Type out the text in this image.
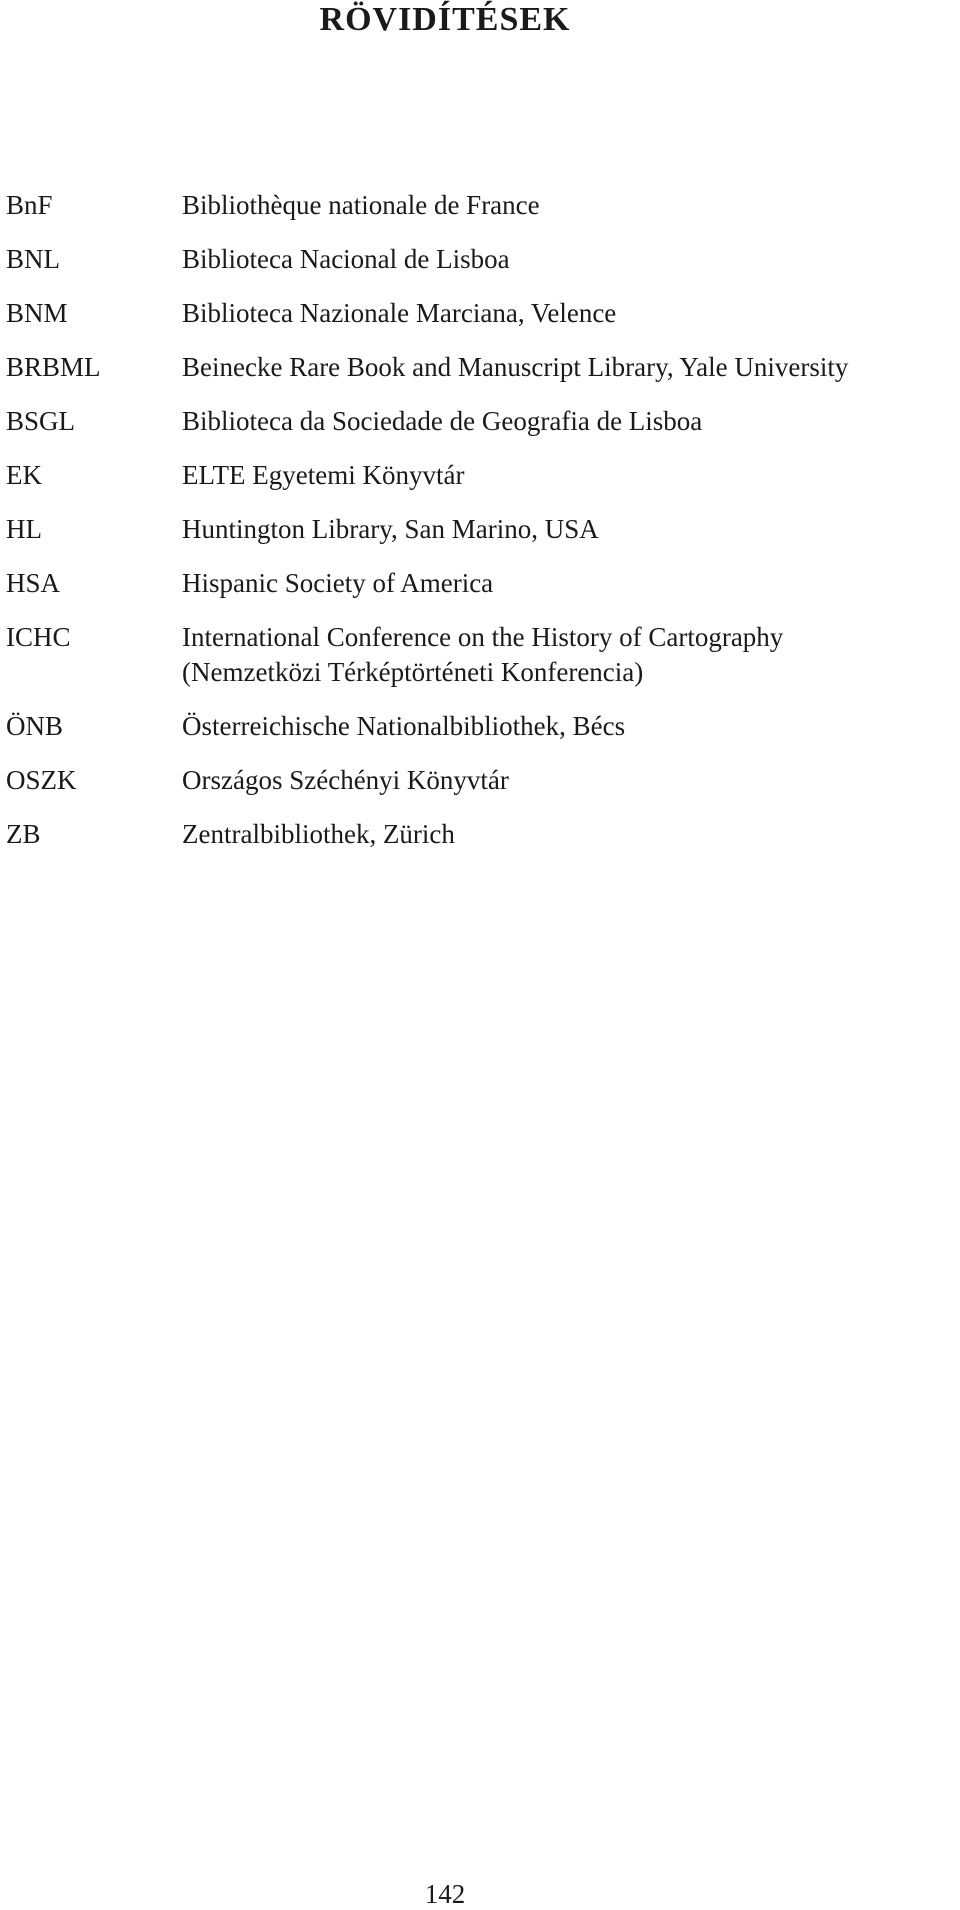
RÖVIDÍTÉSEK
BnF	Bibliothèque nationale de France
BNL	Biblioteca Nacional de Lisboa
BNM	Biblioteca Nazionale Marciana, Velence
BRBML	Beinecke Rare Book and Manuscript Library, Yale University
BSGL	Biblioteca da Sociedade de Geografia de Lisboa
EK	ELTE Egyetemi Könyvtár
HL	Huntington Library, San Marino, USA
HSA	Hispanic Society of America
ICHC	International Conference on the History of Cartography
(Nemzetközi Térképtörténeti Konferencia)
ÖNB	Österreichische Nationalbibliothek, Bécs
OSZK	Országos Széchényi Könyvtár
ZB	Zentralbibliothek, Zürich
142
